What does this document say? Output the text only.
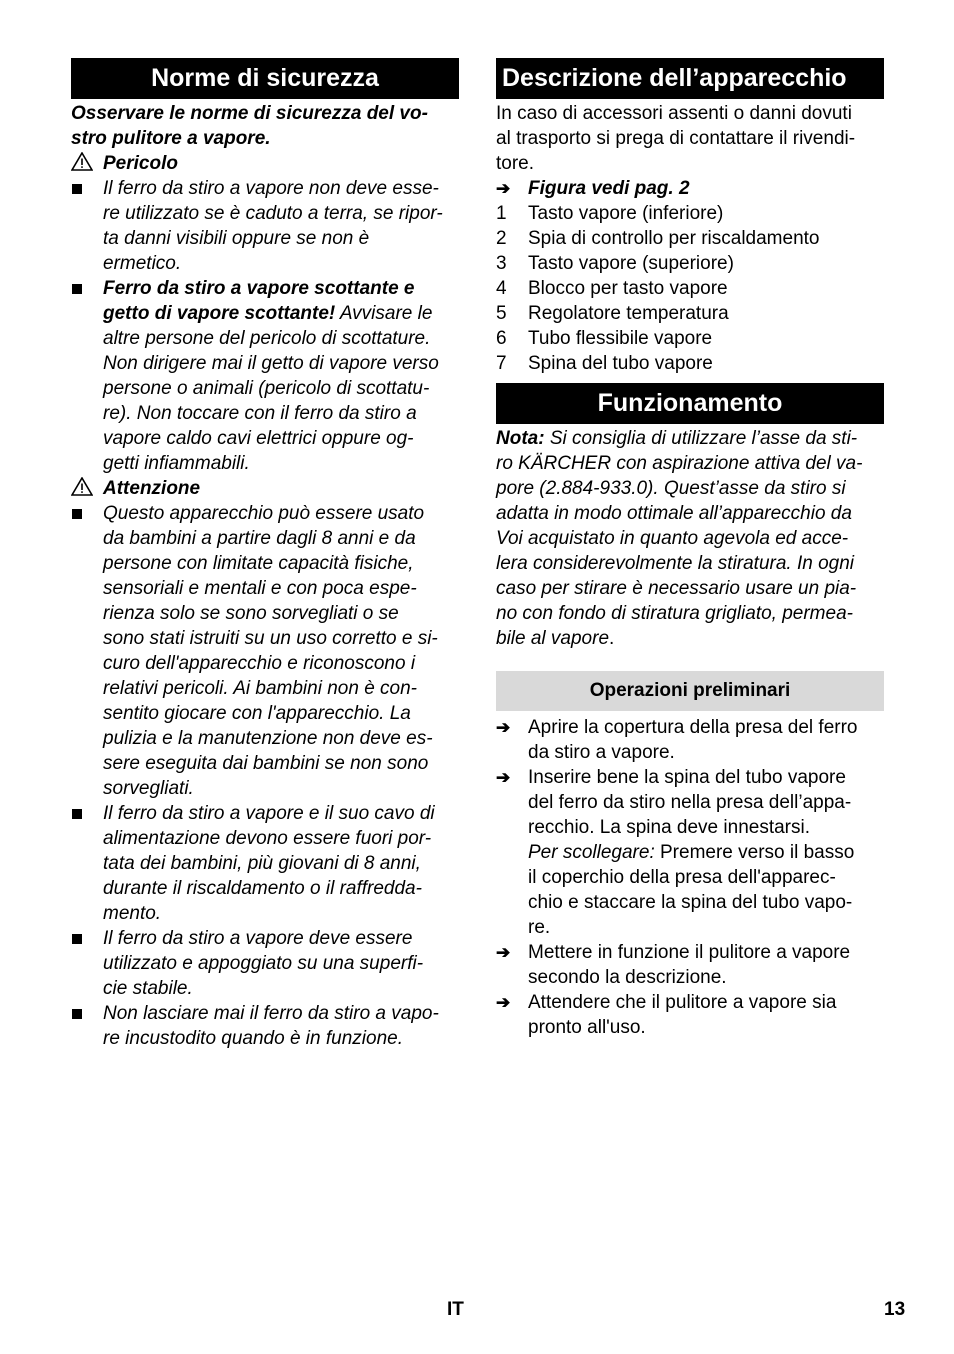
Norme di sicurezza
Osservare le norme di sicurezza del vo-
stro pulitore a vapore.
Pericolo
Il ferro da stiro a vapore non deve esse-
re utilizzato se è caduto a terra, se ripor-
ta danni visibili oppure se non è
ermetico.
Ferro da stiro a vapore scottante e
getto di vapore scottante! Avvisare le
altre persone del pericolo di scottature.
Non dirigere mai il getto di vapore verso
persone o animali (pericolo di scottatu-
re). Non toccare con il ferro da stiro a
vapore caldo cavi elettrici oppure og-
getti infiammabili.
Attenzione
Questo apparecchio può essere usato
da bambini a partire dagli 8 anni e da
persone con limitate capacità fisiche,
sensoriali e mentali e con poca espe-
rienza solo se sono sorvegliati o se
sono stati istruiti su un uso corretto e si-
curo dell'apparecchio e riconoscono i
relativi pericoli. Ai bambini non è con-
sentito giocare con l'apparecchio. La
pulizia e la manutenzione non deve es-
sere eseguita dai bambini se non sono
sorvegliati.
Il ferro da stiro a vapore e il suo cavo di
alimentazione devono essere fuori por-
tata dei bambini, più giovani di 8 anni,
durante il riscaldamento o il raffredda-
mento.
Il ferro da stiro a vapore deve essere
utilizzato e appoggiato su una superfi-
cie stabile.
Non lasciare mai il ferro da stiro a vapo-
re incustodito quando è in funzione.
Descrizione dell’apparecchio
In caso di accessori assenti o danni dovuti
al trasporto si prega di contattare il rivendi-
tore.
➔ Figura vedi pag. 2
1	Tasto vapore (inferiore)
2	Spia di controllo per riscaldamento
3	Tasto vapore (superiore)
4	Blocco per tasto vapore
5	Regolatore temperatura
6	Tubo flessibile vapore
7	Spina del tubo vapore
Funzionamento
Nota: Si consiglia di utilizzare l’asse da sti-
ro KÄRCHER con aspirazione attiva del va-
pore (2.884-933.0). Quest’asse da stiro si
adatta in modo ottimale all’apparecchio da
Voi acquistato in quanto agevola ed acce-
lera considerevolmente la stiratura. In ogni
caso per stirare è necessario usare un pia-
no con fondo di stiratura grigliato, permea-
bile al vapore.
Operazioni preliminari
➔ Aprire la copertura della presa del ferro
da stiro a vapore.
➔ Inserire bene la spina del tubo vapore
del ferro da stiro nella presa dell’appa-
recchio. La spina deve innestarsi.
Per scollegare: Premere verso il basso
il coperchio della presa dell'apparec-
chio e staccare la spina del tubo vapo-
re.
➔ Mettere in funzione il pulitore a vapore
secondo la descrizione.
➔ Attendere che il pulitore a vapore sia
pronto all'uso.
IT	13
